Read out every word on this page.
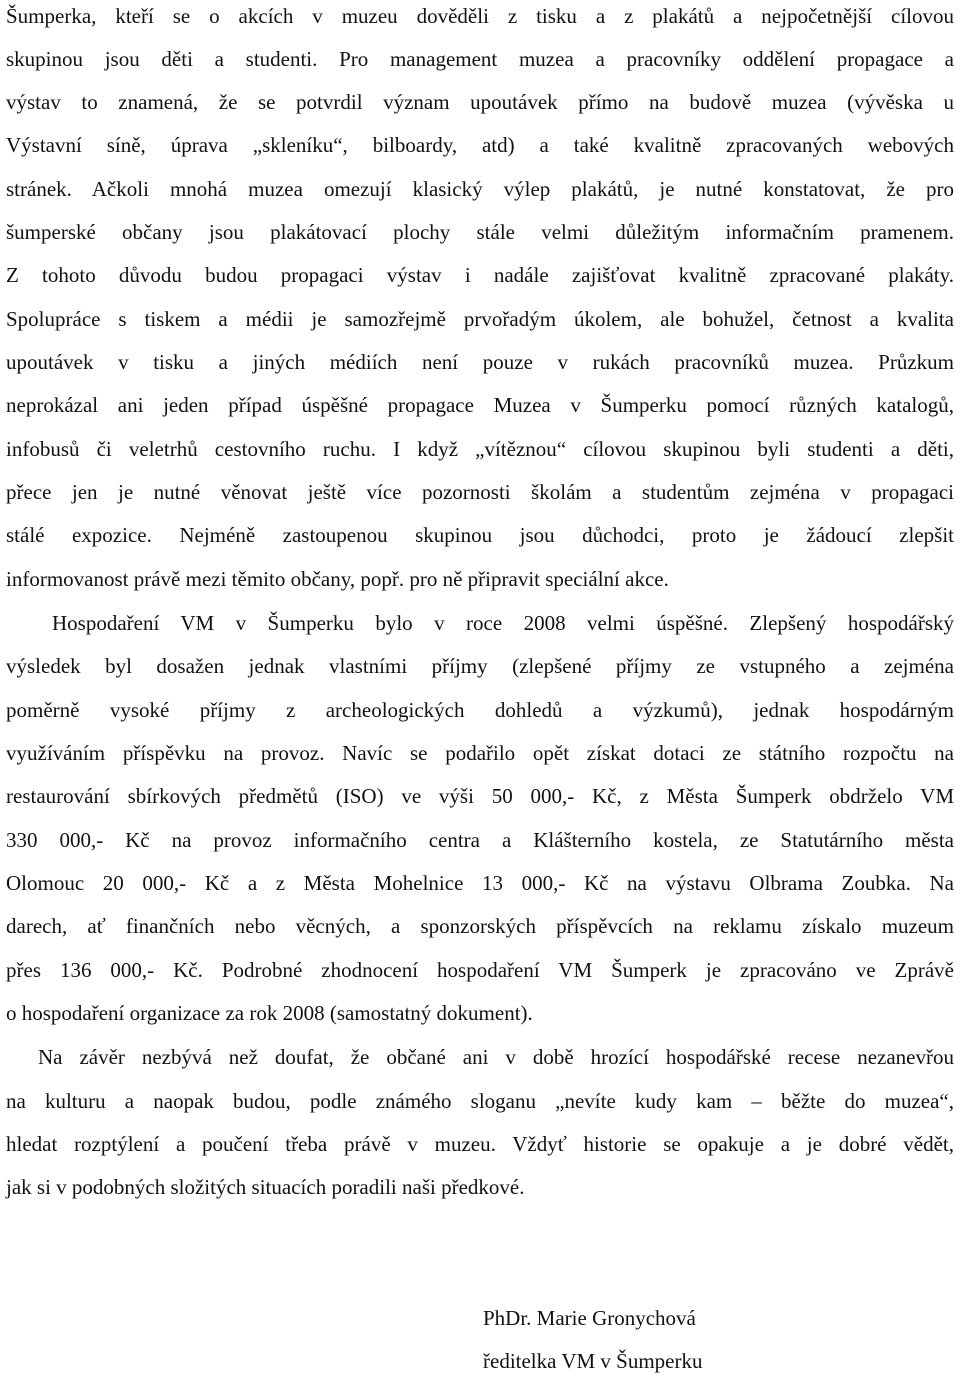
Šumperka, kteří se o akcích v muzeu dověděli z tisku a z plakátů a nejpočetnější cílovou
skupinou jsou děti a studenti. Pro management muzea a pracovníky oddělení propagace a
výstav to znamená, že se potvrdil význam upoutávek přímo na budově muzea (vývěska u
Výstavní síně, úprava „skleníku“, bilboardy, atd) a také kvalitně zpracovaných webových
stránek. Ačkoli mnohá muzea omezují klasický výlep plakátů, je nutné konstatovat, že pro
šumperské občany jsou plakátovací plochy stále velmi důležitým informačním pramenem.
Z tohoto důvodu budou propagaci výstav i nadále zajišťovat kvalitně zpracované plakáty.
Spolupráce s tiskem a médii je samozřejmě prvořadým úkolem, ale bohužel, četnost a kvalita
upoutávek v tisku a jiných médiích není pouze v rukách pracovníků muzea. Průzkum
neprokázal ani jeden případ úspěšné propagace Muzea v Šumperku pomocí různých katalogů,
infobusů či veletrhů cestovního ruchu. I když „vítěznou“ cílovou skupinou byli studenti a děti,
přece jen je nutné věnovat ještě více pozornosti školám a studentům zejména v propagaci
stálé expozice. Nejméně zastoupenou skupinou jsou důchodci, proto je žádoucí zlepšit
informovanost právě mezi těmito občany, popř. pro ně připravit speciální akce.
Hospodaření VM v Šumperku bylo v roce 2008 velmi úspěšné. Zlepšený hospodářský
výsledek byl dosažen jednak vlastními příjmy (zlepšené příjmy ze vstupného a zejména
poměrně vysoké příjmy z archeologických dohledů a výzkumů), jednak hospodárným
využíváním příspěvku na provoz. Navíc se podařilo opět získat dotaci ze státního rozpočtu na
restaurování sbírkových předmětů (ISO) ve výši 50 000,- Kč, z Města Šumperk obdrželo VM
330 000,- Kč na provoz informačního centra a Klášterního kostela, ze Statutárního města
Olomouc 20 000,- Kč a z Města Mohelnice 13 000,- Kč na výstavu Olbrama Zoubka. Na
darech, ať finančních nebo věcných, a sponzorských příspěvcích na reklamu získalo muzeum
přes 136 000,- Kč. Podrobné zhodnocení hospodaření VM Šumperk je zpracováno ve Zprávě
o hospodaření organizace za rok 2008 (samostatný dokument).
Na závěr nezbývá než doufat, že občané ani v době hrozící hospodářské recese nezanevřou
na kulturu a naopak budou, podle známého sloganu „nevíte kudy kam – běžte do muzea“,
hledat rozptýlení a poučení třeba právě v muzeu. Vždyť historie se opakuje a je dobré vědět,
jak si v podobných složitých situacích poradili naši předkové.
PhDr. Marie Gronychová
ředitelka VM v Šumperku
